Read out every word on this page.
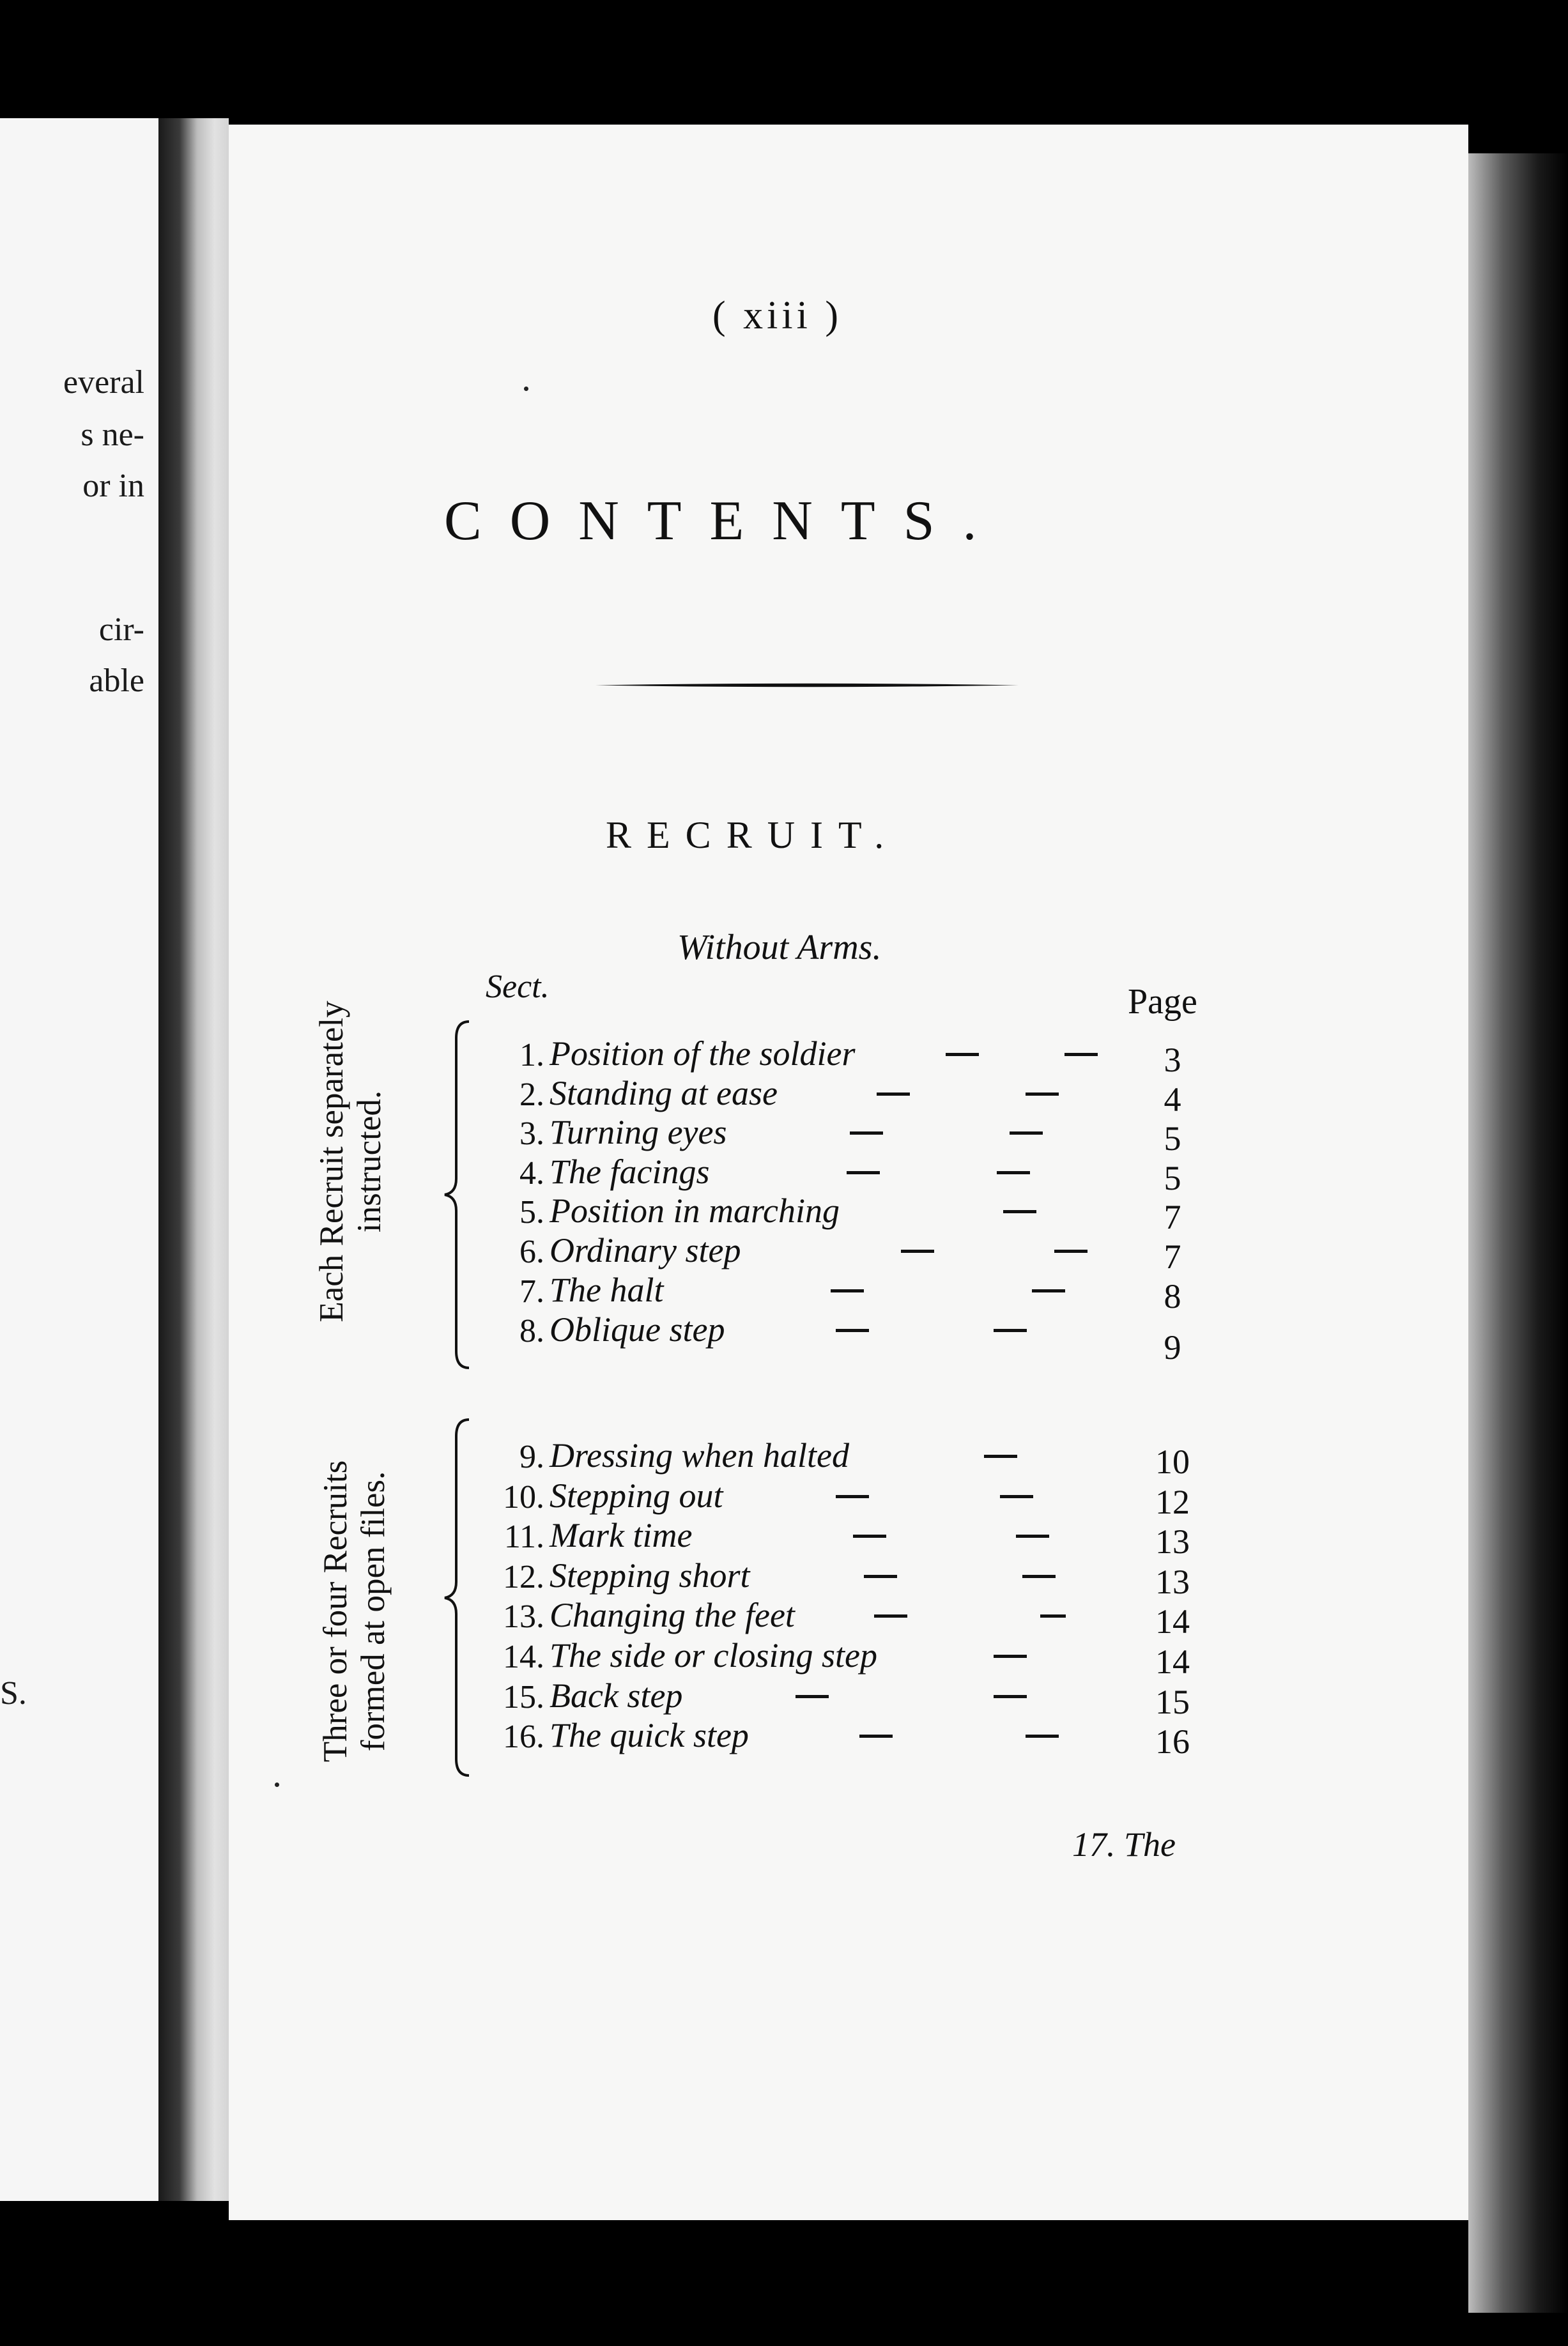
everal
s ne-
or in
cir-
able
S.
( xiii )
CONTENTS.
RECRUIT.
Without Arms.
Sect.	Page
Each Recruit separately instructed.
1. Position of the soldier	3
2. Standing at ease	4
3. Turning eyes	5
4. The facings	5
5. Position in marching	7
6. Ordinary step	7
7. The halt	8
8. Oblique step	9
Three or four Recruits formed at open files.
9. Dressing when halted	10
10. Stepping out	12
11. Mark time	13
12. Stepping short	13
13. Changing the feet	14
14. The side or closing step	14
15. Back step	15
16. The quick step	16
17. The
